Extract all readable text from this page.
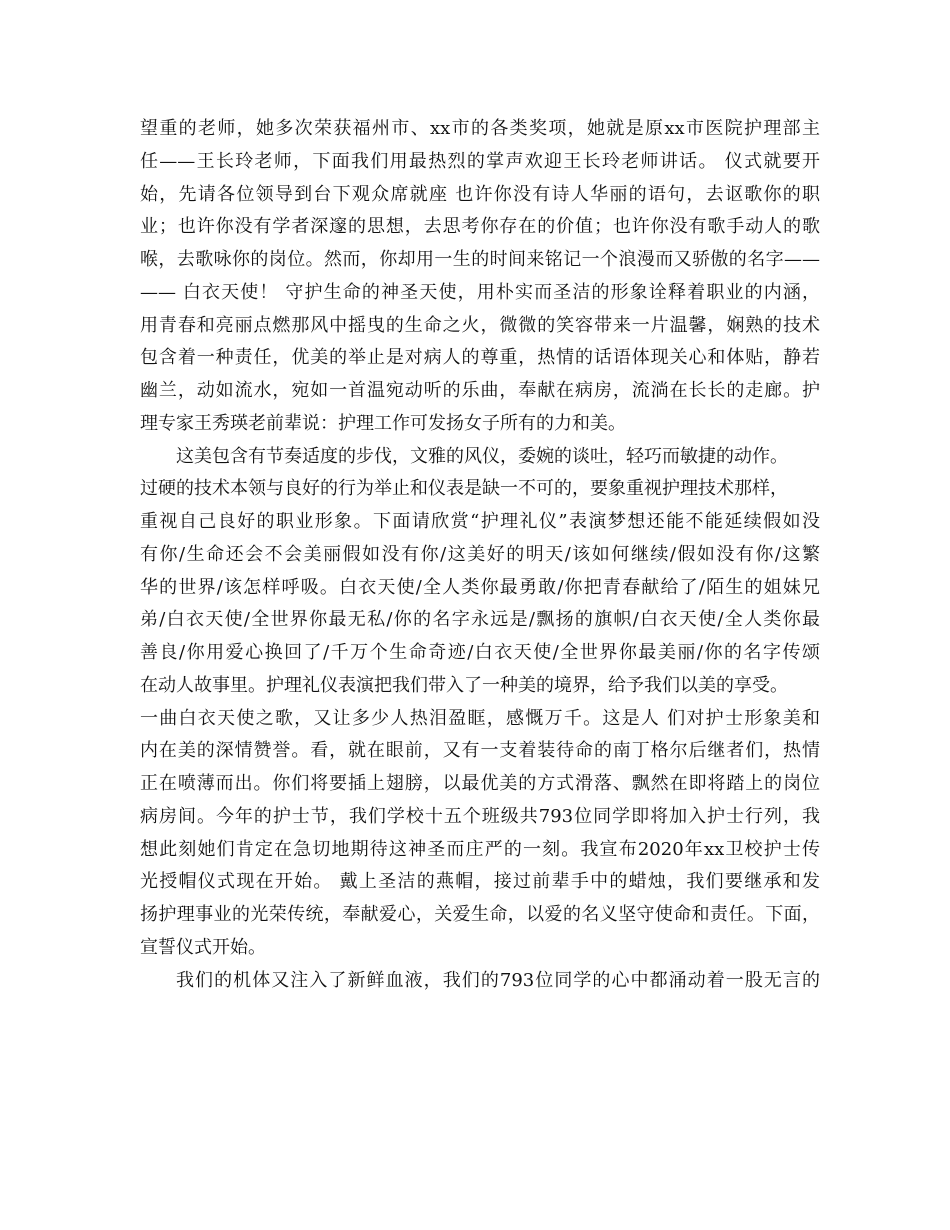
望重的老师，她多次荣获福州市、xx市的各类奖项，她就是原xx市医院护理部主
任——王长玲老师，下面我们用最热烈的掌声欢迎王长玲老师讲话。 仪式就要开
始，先请各位领导到台下观众席就座 也许你没有诗人华丽的语句，去讴歌你的职
业；也许你没有学者深邃的思想，去思考你存在的价值；也许你没有歌手动人的歌
喉，去歌咏你的岗位。然而，你却用一生的时间来铭记一个浪漫而又骄傲的名字——
—— 白衣天使！ 守护生命的神圣天使，用朴实而圣洁的形象诠释着职业的内涵，
用青春和亮丽点燃那风中摇曳的生命之火，微微的笑容带来一片温馨，娴熟的技术
包含着一种责任，优美的举止是对病人的尊重，热情的话语体现关心和体贴，静若
幽兰，动如流水，宛如一首温宛动听的乐曲，奉献在病房，流淌在长长的走廊。护
理专家王秀瑛老前辈说：护理工作可发扬女子所有的力和美。
这美包含有节奏适度的步伐，文雅的风仪，委婉的谈吐，轻巧而敏捷的动作。
过硬的技术本领与良好的行为举止和仪表是缺一不可的，要象重视护理技术那样，
重视自己良好的职业形象。下面请欣赏“护理礼仪”表演梦想还能不能延续假如没
有你/生命还会不会美丽假如没有你/这美好的明天/该如何继续/假如没有你/这繁
华的世界/该怎样呼吸。白衣天使/全人类你最勇敢/你把青春献给了/陌生的姐妹兄
弟/白衣天使/全世界你最无私/你的名字永远是/飘扬的旗帜/白衣天使/全人类你最
善良/你用爱心换回了/千万个生命奇迹/白衣天使/全世界你最美丽/你的名字传颂
在动人故事里。护理礼仪表演把我们带入了一种美的境界，给予我们以美的享受。
一曲白衣天使之歌，又让多少人热泪盈眶，感慨万千。这是人 们对护士形象美和
内在美的深情赞誉。看，就在眼前，又有一支着装待命的南丁格尔后继者们，热情
正在喷薄而出。你们将要插上翅膀，以最优美的方式滑落、飘然在即将踏上的岗位
病房间。今年的护士节，我们学校十五个班级共793位同学即将加入护士行列，我
想此刻她们肯定在急切地期待这神圣而庄严的一刻。我宣布2020年xx卫校护士传
光授帽仪式现在开始。 戴上圣洁的燕帽，接过前辈手中的蜡烛，我们要继承和发
扬护理事业的光荣传统，奉献爱心，关爱生命，以爱的名义坚守使命和责任。下面，
宣誓仪式开始。
我们的机体又注入了新鲜血液，我们的793位同学的心中都涌动着一股无言的
